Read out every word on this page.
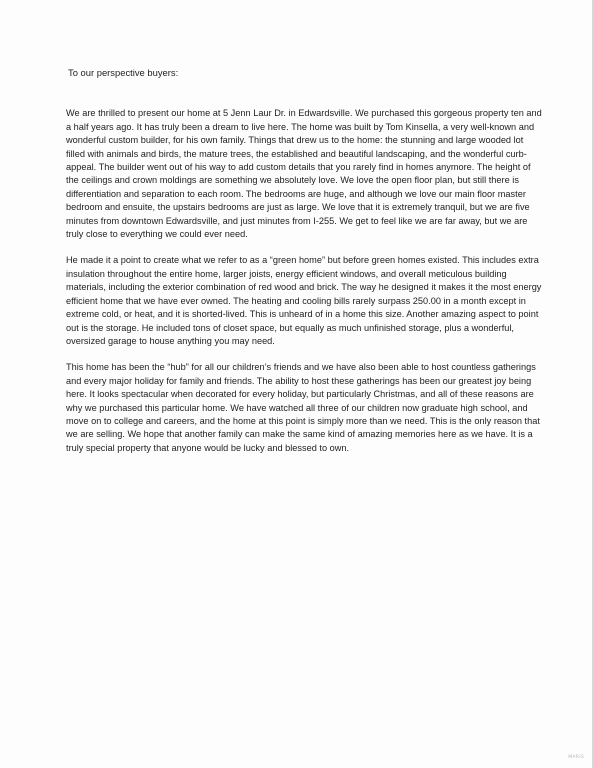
To our perspective buyers:

We are thrilled to present our home at 5 Jenn Laur Dr. in Edwardsville. We purchased this gorgeous property ten and a half years ago. It has truly been a dream to live here. The home was built by Tom Kinsella, a very well-known and wonderful custom builder, for his own family. Things that drew us to the home: the stunning and large wooded lot filled with animals and birds, the mature trees, the established and beautiful landscaping, and the wonderful curb-appeal. The builder went out of his way to add custom details that you rarely find in homes anymore. The height of the ceilings and crown moldings are something we absolutely love. We love the open floor plan, but still there is differentiation and separation to each room. The bedrooms are huge, and although we love our main floor master bedroom and ensuite, the upstairs bedrooms are just as large. We love that it is extremely tranquil, but we are five minutes from downtown Edwardsville, and just minutes from I-255. We get to feel like we are far away, but we are truly close to everything we could ever need.

He made it a point to create what we refer to as a “green home” but before green homes existed. This includes extra insulation throughout the entire home, larger joists, energy efficient windows, and overall meticulous building materials, including the exterior combination of red wood and brick. The way he designed it makes it the most energy efficient home that we have ever owned. The heating and cooling bills rarely surpass 250.00 in a month except in extreme cold, or heat, and it is shorted-lived. This is unheard of in a home this size. Another amazing aspect to point out is the storage. He included tons of closet space, but equally as much unfinished storage, plus a wonderful, oversized garage to house anything you may need.

This home has been the “hub” for all our children’s friends and we have also been able to host countless gatherings and every major holiday for family and friends. The ability to host these gatherings has been our greatest joy being here. It looks spectacular when decorated for every holiday, but particularly Christmas, and all of these reasons are why we purchased this particular home. We have watched all three of our children now graduate high school, and move on to college and careers, and the home at this point is simply more than we need. This is the only reason that we are selling. We hope that another family can make the same kind of amazing memories here as we have. It is a truly special property that anyone would be lucky and blessed to own.

MARIS
